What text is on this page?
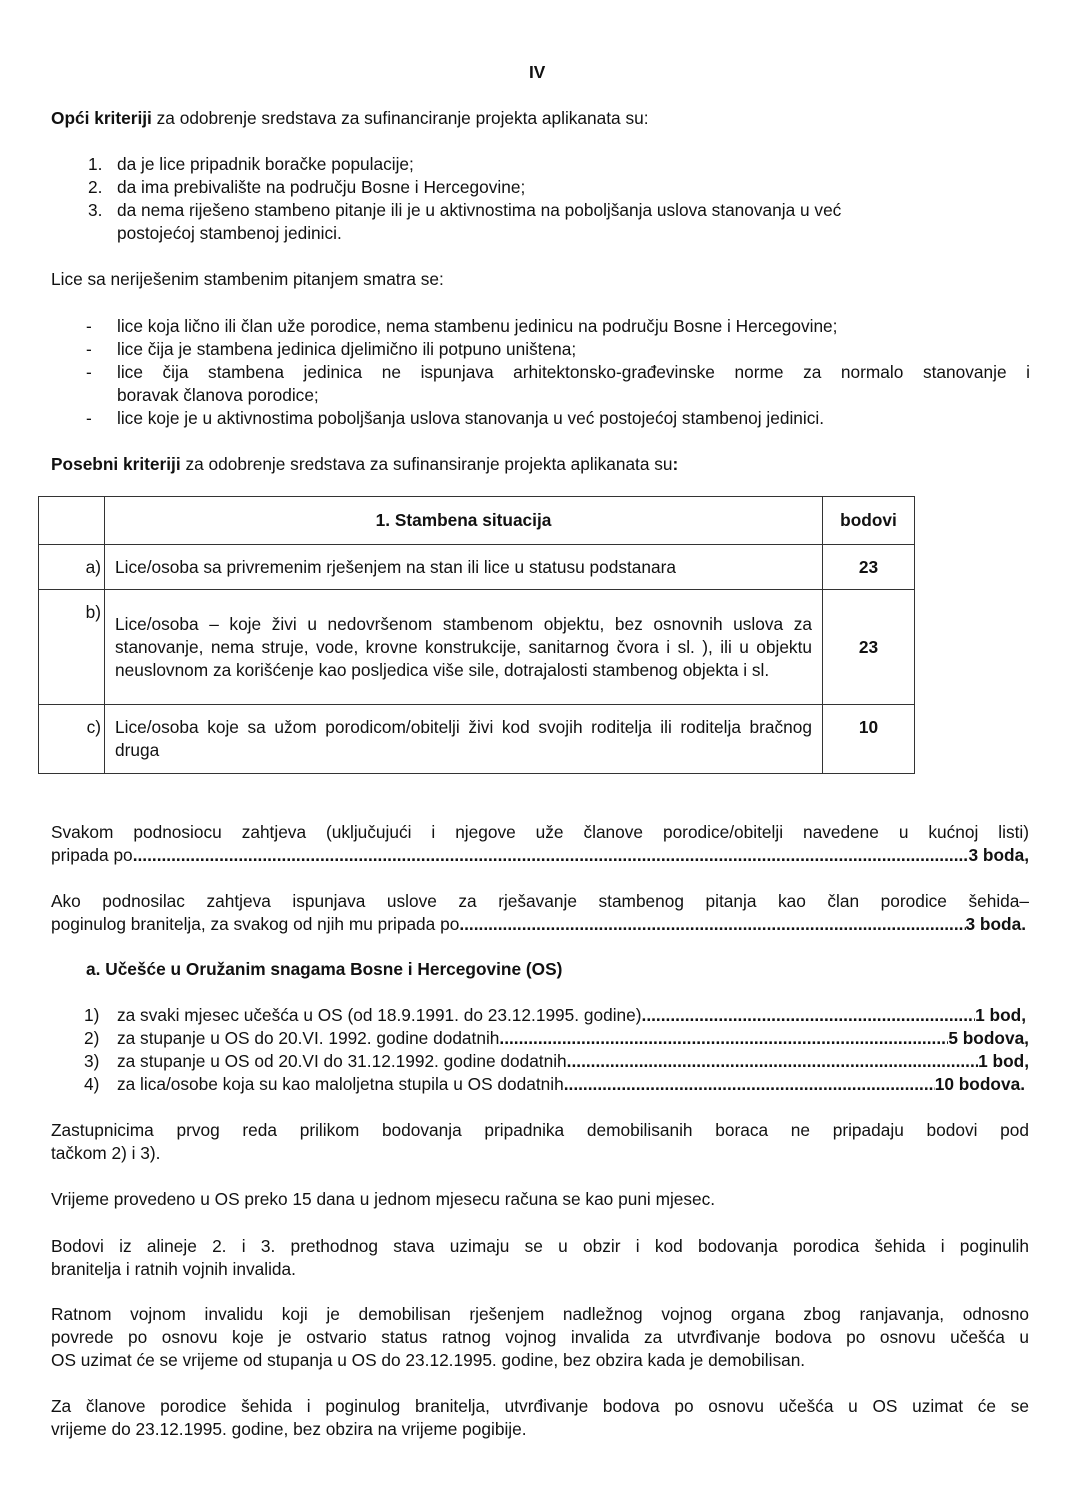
IV
Opći kriteriji za odobrenje sredstava za sufinanciranje projekta aplikanata su:
1. da je lice pripadnik boračke populacije;
2. da ima prebivalište na području Bosne i Hercegovine;
3. da nema riješeno stambeno pitanje ili je u aktivnostima na poboljšanja uslova stanovanja u već
postojećoj stambenoj jedinici.
Lice sa neriješenim stambenim pitanjem smatra se:
- lice koja lično ili član uže porodice, nema stambenu jedinicu na području Bosne i Hercegovine;
- lice čija je stambena jedinica djelimično ili potpuno uništena;
- lice čija stambena jedinica ne ispunjava arhitektonsko-građevinske norme za normalo stanovanje i
boravak članova porodice;
- lice koje je u aktivnostima poboljšanja uslova stanovanja u već postojećoj stambenoj jedinici.
Posebni kriteriji za odobrenje sredstava za sufinansiranje projekta aplikanata su:
	1. Stambena situacija	bodovi
a)	Lice/osoba sa privremenim rješenjem na stan ili lice u statusu podstanara	23
b)	Lice/osoba – koje živi u nedovršenom stambenom objektu, bez osnovnih uslova za stanovanje, nema struje, vode, krovne konstrukcije, sanitarnog čvora i sl. ), ili u objektu neuslovnom za korišćenje kao posljedica više sile, dotrajalosti stambenog objekta i sl.	23
c)	Lice/osoba koje sa užom porodicom/obitelji živi kod svojih roditelja ili roditelja bračnog druga	10
Svakom podnosiocu zahtjeva (uključujući i njegove uže članove porodice/obitelji navedene u kućnoj listi)
pripada po .....	3 boda,
Ako podnosilac zahtjeva ispunjava uslove za rješavanje stambenog pitanja kao član porodice šehida–
poginulog branitelja, za svakog od njih mu pripada po .....	3 boda.
a. Učešće u Oružanim snagama Bosne i Hercegovine (OS)
1) za svaki mjesec učešća u OS (od 18.9.1991. do 23.12.1995. godine) .....	1 bod,
2) za stupanje u OS do 20.VI. 1992. godine dodatnih .....	5 bodova,
3) za stupanje u OS od 20.VI do 31.12.1992. godine dodatnih .....	1 bod,
4) za lica/osobe koja su kao maloljetna stupila u OS dodatnih .....	10 bodova.
Zastupnicima prvog reda prilikom bodovanja pripadnika demobilisanih boraca ne pripadaju bodovi pod
tačkom 2) i 3).
Vrijeme provedeno u OS preko 15 dana u jednom mjesecu računa se kao puni mjesec.
Bodovi iz alineje 2. i 3. prethodnog stava uzimaju se u obzir i kod bodovanja porodica šehida i poginulih
branitelja i ratnih vojnih invalida.
Ratnom vojnom invalidu koji je demobilisan rješenjem nadležnog vojnog organa zbog ranjavanja, odnosno
povrede po osnovu koje je ostvario status ratnog vojnog invalida za utvrđivanje bodova po osnovu učešća u
OS uzimat će se vrijeme od stupanja u OS do 23.12.1995. godine, bez obzira kada je demobilisan.
Za članove porodice šehida i poginulog branitelja, utvrđivanje bodova po osnovu učešća u OS uzimat će se
vrijeme do 23.12.1995. godine, bez obzira na vrijeme pogibije.
